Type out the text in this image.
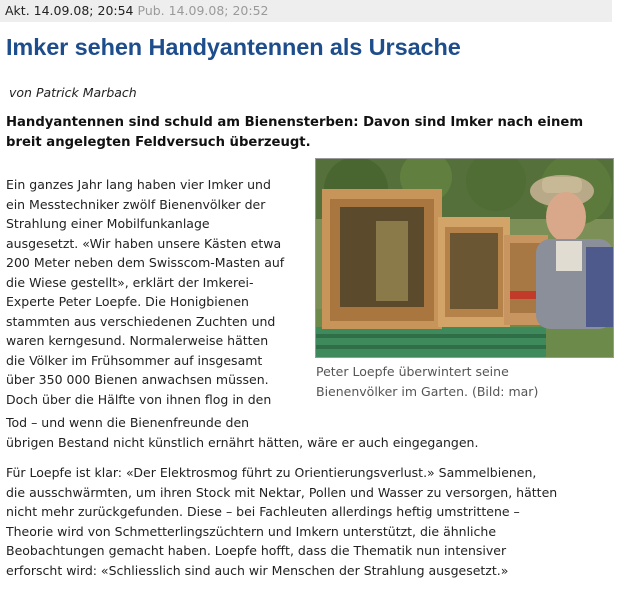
Akt. 14.09.08; 20:54 Pub. 14.09.08; 20:52
Imker sehen Handyantennen als Ursache
von Patrick Marbach

Handyantennen sind schuld am Bienensterben: Davon sind Imker nach einem breit angelegten Feldversuch überzeugt.

Peter Loepfe überwintert seine
Bienenvölker im Garten. (Bild: mar)

Ein ganzes Jahr lang haben vier Imker und
ein Messtechniker zwölf Bienenvölker der
Strahlung einer Mobilfunkanlage
ausgesetzt. «Wir haben unsere Kästen etwa
200 Meter neben dem Swisscom-Masten auf
die Wiese gestellt», erklärt der Imkerei-
Experte Peter Loepfe. Die Honigbienen
stammten aus verschiedenen Zuchten und
waren kerngesund. Normalerweise hätten
die Völker im Frühsommer auf insgesamt
über 350 000 Bienen anwachsen müssen.
Doch über die Hälfte von ihnen flog in den

Tod – und wenn die Bienenfreunde den
übrigen Bestand nicht künstlich ernährt hätten, wäre er auch eingegangen.

Für Loepfe ist klar: «Der Elektrosmog führt zu Orientierungsverlust.» Sammelbienen,
die ausschwärmten, um ihren Stock mit Nektar, Pollen und Wasser zu versorgen, hätten
nicht mehr zurückgefunden. Diese – bei Fachleuten allerdings heftig umstrittene –
Theorie wird von Schmetterlingszüchtern und Imkern unterstützt, die ähnliche
Beobachtungen gemacht haben. Loepfe hofft, dass die Thematik nun intensiver
erforscht wird: «Schliesslich sind auch wir Menschen der Strahlung ausgesetzt.»
